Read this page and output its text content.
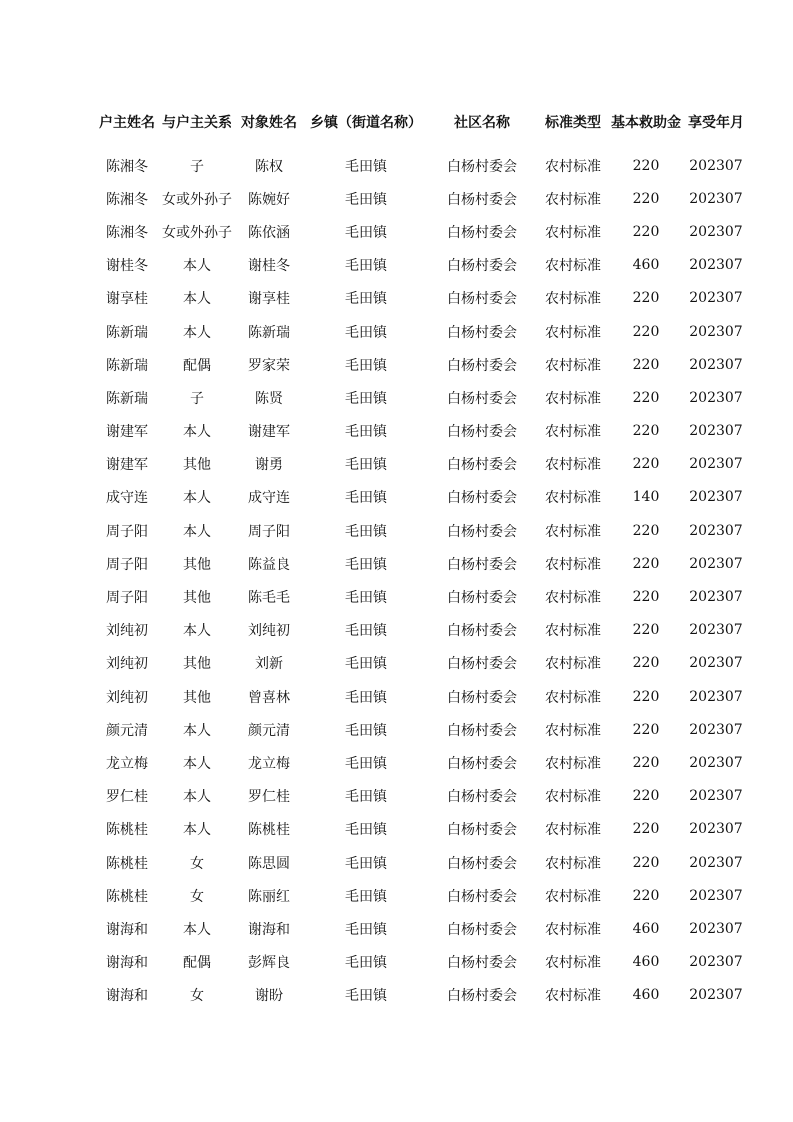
户主姓名	与户主关系	对象姓名	乡镇（街道名称）	社区名称	标准类型	基本救助金	享受年月
陈湘冬	子	陈权	毛田镇	白杨村委会	农村标准	220	202307
陈湘冬	女或外孙子	陈婉好	毛田镇	白杨村委会	农村标准	220	202307
陈湘冬	女或外孙子	陈依涵	毛田镇	白杨村委会	农村标准	220	202307
谢桂冬	本人	谢桂冬	毛田镇	白杨村委会	农村标准	460	202307
谢享桂	本人	谢享桂	毛田镇	白杨村委会	农村标准	220	202307
陈新瑞	本人	陈新瑞	毛田镇	白杨村委会	农村标准	220	202307
陈新瑞	配偶	罗家荣	毛田镇	白杨村委会	农村标准	220	202307
陈新瑞	子	陈贤	毛田镇	白杨村委会	农村标准	220	202307
谢建军	本人	谢建军	毛田镇	白杨村委会	农村标准	220	202307
谢建军	其他	谢勇	毛田镇	白杨村委会	农村标准	220	202307
成守连	本人	成守连	毛田镇	白杨村委会	农村标准	140	202307
周子阳	本人	周子阳	毛田镇	白杨村委会	农村标准	220	202307
周子阳	其他	陈益良	毛田镇	白杨村委会	农村标准	220	202307
周子阳	其他	陈毛毛	毛田镇	白杨村委会	农村标准	220	202307
刘纯初	本人	刘纯初	毛田镇	白杨村委会	农村标准	220	202307
刘纯初	其他	刘新	毛田镇	白杨村委会	农村标准	220	202307
刘纯初	其他	曾喜林	毛田镇	白杨村委会	农村标准	220	202307
颜元清	本人	颜元清	毛田镇	白杨村委会	农村标准	220	202307
龙立梅	本人	龙立梅	毛田镇	白杨村委会	农村标准	220	202307
罗仁桂	本人	罗仁桂	毛田镇	白杨村委会	农村标准	220	202307
陈桃桂	本人	陈桃桂	毛田镇	白杨村委会	农村标准	220	202307
陈桃桂	女	陈思圆	毛田镇	白杨村委会	农村标准	220	202307
陈桃桂	女	陈丽红	毛田镇	白杨村委会	农村标准	220	202307
谢海和	本人	谢海和	毛田镇	白杨村委会	农村标准	460	202307
谢海和	配偶	彭辉良	毛田镇	白杨村委会	农村标准	460	202307
谢海和	女	谢盼	毛田镇	白杨村委会	农村标准	460	202307
